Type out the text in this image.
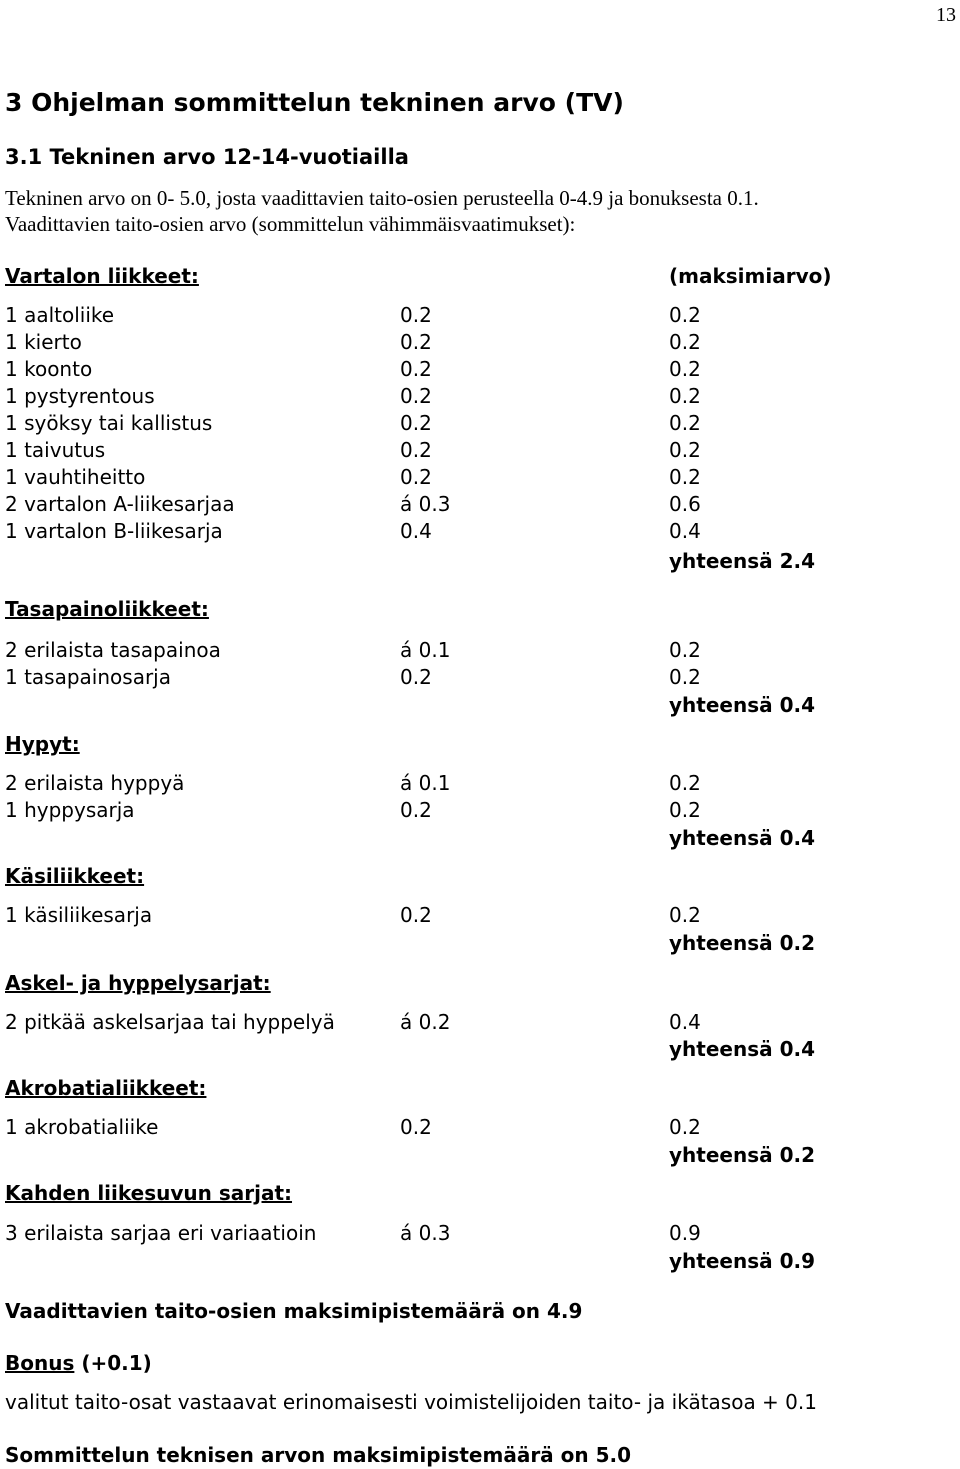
13
3 Ohjelman sommittelun tekninen arvo (TV)
3.1 Tekninen arvo 12-14-vuotiailla
Tekninen arvo on 0- 5.0, josta vaadittavien taito-osien perusteella 0-4.9 ja bonuksesta 0.1.
Vaadittavien taito-osien arvo (sommittelun vähimmäisvaatimukset):
Vartalon liikkeet:	(maksimiarvo)
1 aaltoliike	0.2	0.2
1 kierto	0.2	0.2
1 koonto	0.2	0.2
1 pystyrentous	0.2	0.2
1 syöksy tai kallistus	0.2	0.2
1 taivutus	0.2	0.2
1 vauhtiheitto	0.2	0.2
2 vartalon A-liikesarjaa	á 0.3	0.6
1 vartalon B-liikesarja	0.4	0.4
yhteensä 2.4
Tasapainoliikkeet:
2 erilaista tasapainoa	á 0.1	0.2
1 tasapainosarja	0.2	0.2
yhteensä 0.4
Hypyt:
2 erilaista hyppyä	á 0.1	0.2
1 hyppysarja	0.2	0.2
yhteensä 0.4
Käsiliikkeet:
1 käsiliikesarja	0.2	0.2
yhteensä 0.2
Askel- ja hyppelysarjat:
2 pitkää askelsarjaa tai hyppelyä	á 0.2	0.4
yhteensä 0.4
Akrobatialiikkeet:
1 akrobatialiike	0.2	0.2
yhteensä 0.2
Kahden liikesuvun sarjat:
3 erilaista sarjaa eri variaatioin	á 0.3	0.9
yhteensä 0.9
Vaadittavien taito-osien maksimipistemäärä on 4.9
Bonus (+0.1)
valitut taito-osat vastaavat erinomaisesti voimistelijoiden taito- ja ikätasoa + 0.1
Sommittelun teknisen arvon maksimipistemäärä on 5.0
